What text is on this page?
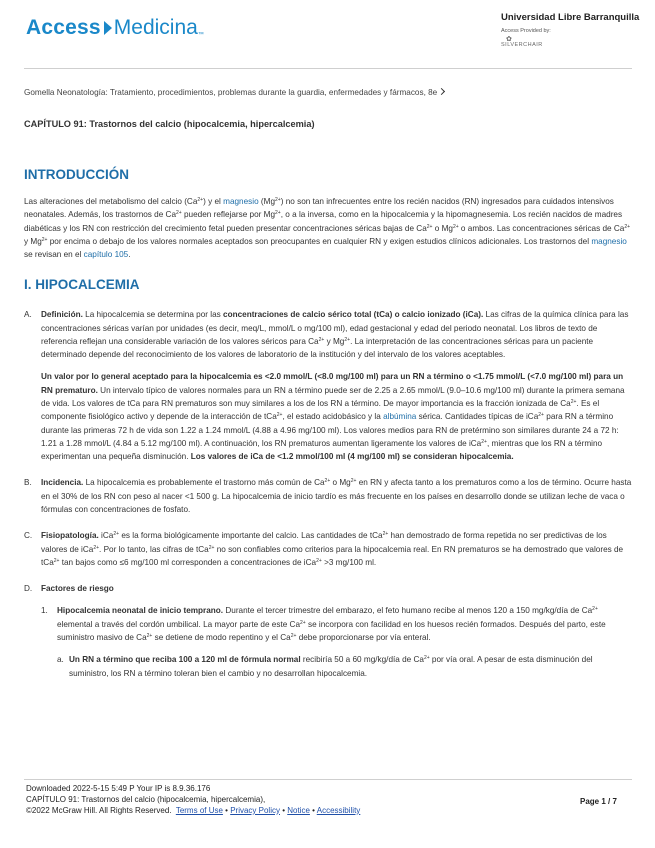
Access Medicina ™
Universidad Libre Barranquilla
Access Provided by:
✿
SILVERCHAIR
Gomella Neonatología: Tratamiento, procedimientos, problemas durante la guardia, enfermedades y fármacos, 8e
CAPÍTULO 91: Trastornos del calcio (hipocalcemia, hipercalcemia)
INTRODUCCIÓN
Las alteraciones del metabolismo del calcio $(Ca^{2+})$ y el magnesio $(Mg^{2+})$ no son tan infrecuentes entre los recién nacidos (RN) ingresados para cuidados intensivos neonatales. Además, los trastornos de $Ca^{2+}$ pueden reflejarse por $Mg^{2+}$, o a la inversa, como en la hipocalcemia y la hipomagnesemia. Los recién nacidos de madres diabéticas y los RN con restricción del crecimiento fetal pueden presentar concentraciones séricas bajas de $Ca^{2+}$ o $Mg^{2+}$ o ambos. Las concentraciones séricas de $Ca^{2+}$ y $Mg^{2+}$ por encima o debajo de los valores normales aceptados son preocupantes en cualquier RN y exigen estudios clínicos adicionales. Los trastornos del magnesio se revisan en el capítulo 105.
I. HIPOCALCEMIA
A.	Definición. La hipocalcemia se determina por las concentraciones de calcio sérico total (tCa) o calcio ionizado (iCa). Las cifras de la química clínica para las concentraciones séricas varían por unidades (es decir, meq/L, mmol/L o mg/100 ml), edad gestacional y edad del periodo neonatal. Los libros de texto de referencia reflejan una considerable variación de los valores séricos para $Ca^{2+}$ y $Mg^{2+}$. La interpretación de las concentraciones séricas para un paciente determinado depende del reconocimiento de los valores de laboratorio de la institución y del intervalo de los valores aceptables.
Un valor por lo general aceptado para la hipocalcemia es <2.0 mmol/L (<8.0 mg/100 ml) para un RN a término o <1.75 mmol/L (<7.0 mg/100 ml) para un RN prematuro. Un intervalo típico de valores normales para un RN a término puede ser de 2.25 a 2.65 mmol/L (9.0–10.6 mg/100 ml) durante la primera semana de vida. Los valores de tCa para RN prematuros son muy similares a los de los RN a término. De mayor importancia es la fracción ionizada de $Ca^{2+}$. Es el componente fisiológico activo y depende de la interacción de tCa$^{2+}$, el estado acidobásico y la albúmina sérica. Cantidades típicas de iCa$^{2+}$ para RN a término durante las primeras 72 h de vida son 1.22 a 1.24 mmol/L (4.88 a 4.96 mg/100 ml). Los valores medios para RN de pretérmino son similares durante 24 a 72 h: 1.21 a 1.28 mmol/L (4.84 a 5.12 mg/100 ml). A continuación, los RN prematuros aumentan ligeramente los valores de iCa$^{2+}$, mientras que los RN a término experimentan una pequeña disminución. Los valores de iCa de <1.2 mmol/100 ml (4 mg/100 ml) se consideran hipocalcemia.
B.	Incidencia. La hipocalcemia es probablemente el trastorno más común de $Ca^{2+}$ o $Mg^{2+}$ en RN y afecta tanto a los prematuros como a los de término. Ocurre hasta en el 30% de los RN con peso al nacer <1 500 g. La hipocalcemia de inicio tardío es más frecuente en los países en desarrollo donde se utilizan leche de vaca o fórmulas con concentraciones de fosfato.
C.	Fisiopatología. iCa$^{2+}$ es la forma biológicamente importante del calcio. Las cantidades de tCa$^{2+}$ han demostrado de forma repetida no ser predictivas de los valores de iCa$^{2+}$. Por lo tanto, las cifras de tCa$^{2+}$ no son confiables como criterios para la hipocalcemia real. En RN prematuros se ha demostrado que valores de tCa$^{2+}$ tan bajos como ≤6 mg/100 ml corresponden a concentraciones de iCa$^{2+}$ >3 mg/100 ml.
D.	Factores de riesgo
1.	Hipocalcemia neonatal de inicio temprano. Durante el tercer trimestre del embarazo, el feto humano recibe al menos 120 a 150 mg/kg/día de $Ca^{2+}$ elemental a través del cordón umbilical. La mayor parte de este $Ca^{2+}$ se incorpora con facilidad en los huesos recién formados. Después del parto, este suministro masivo de $Ca^{2+}$ se detiene de modo repentino y el $Ca^{2+}$ debe proporcionarse por vía enteral.
a. Un RN a término que reciba 100 a 120 ml de fórmula normal recibiría 50 a 60 mg/kg/día de $Ca^{2+}$ por vía oral. A pesar de esta disminución del suministro, los RN a término toleran bien el cambio y no desarrollan hipocalcemia.
Downloaded 2022-5-15 5:49 P Your IP is 8.9.36.176
CAPÍTULO 91: Trastornos del calcio (hipocalcemia, hipercalcemia),
©2022 McGraw Hill. All Rights Reserved. Terms of Use • Privacy Policy • Notice • Accessibility
Page 1 / 7
